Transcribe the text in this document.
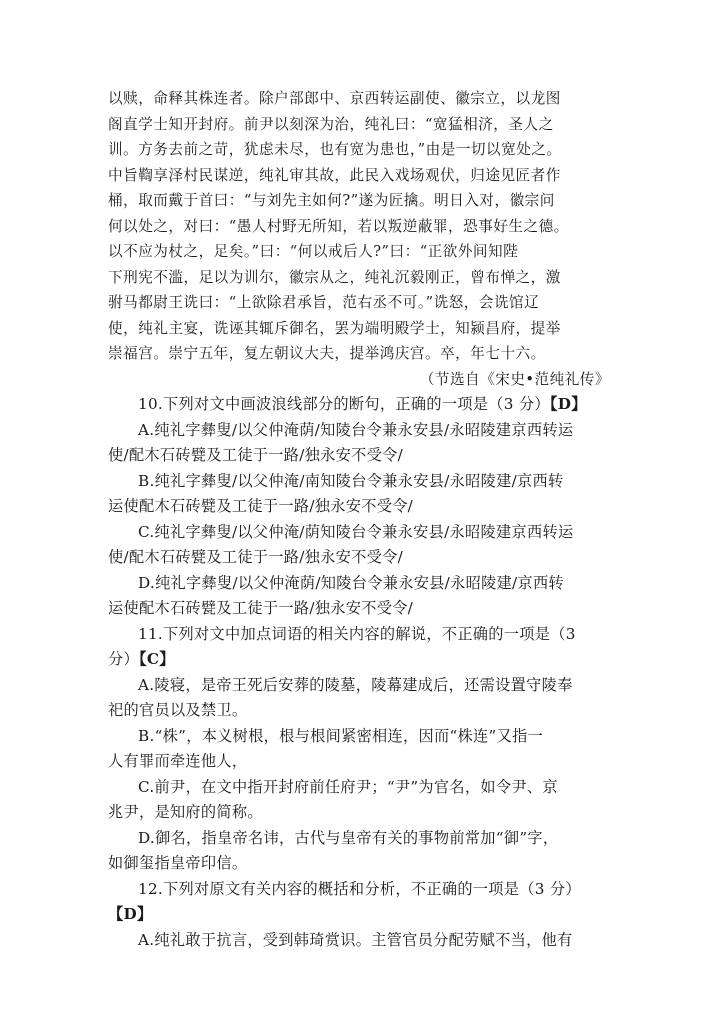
以赎，命释其株连者。除户部郎中、京西转运副使、徽宗立，以龙图
阁直学士知开封府。前尹以刻深为治，纯礼曰：“宽猛相济，圣人之
训。方务去前之苛，犹虑未尽，也有宽为患也，”由是一切以宽处之。
中旨鞫享泽村民谋逆，纯礼审其故，此民入戏场观伏，归途见匠者作
桶，取而戴于首曰：“与刘先主如何?”遂为匠擒。明日入对，徽宗问
何以处之，对曰：“愚人村野无所知，若以叛逆蔽罪，恐事好生之德。
以不应为杖之，足矣。”曰：“何以戒后人?”曰：“正欲外间知陛
下刑宪不滥，足以为训尔，徽宗从之，纯礼沉毅刚正，曾布惮之，激
驸马都尉王诜曰：“上欲除君承旨，范右丞不可。”诜怒，会诜馆辽
使，纯礼主宴，诜诬其辄斥御名，罢为端明殿学士，知颍昌府，提举
崇福宫。崇宁五年，复左朝议大夫，提举鸿庆宫。卒，年七十六。
（节选自《宋史•范纯礼传》
10.下列对文中画波浪线部分的断句，正确的一项是（3 分）【D】
A.纯礼字彝叟/以父仲淹荫/知陵台令兼永安县/永昭陵建京西转运
使/配木石砖甓及工徒于一路/独永安不受令/
B.纯礼字彝叟/以父仲淹/南知陵台令兼永安县/永昭陵建/京西转
运使配木石砖甓及工徒于一路/独永安不受令/
C.纯礼字彝叟/以父仲淹/荫知陵台令兼永安县/永昭陵建京西转运
使/配木石砖甓及工徒于一路/独永安不受令/
D.纯礼字彝叟/以父仲淹荫/知陵台令兼永安县/永昭陵建/京西转
运使配木石砖甓及工徒于一路/独永安不受令/
11.下列对文中加点词语的相关内容的解说，不正确的一项是（3
分）【C】
A.陵寝，是帝王死后安葬的陵墓，陵幕建成后，还需设置守陵奉
祀的官员以及禁卫。
B.“株”，本义树根，根与根间紧密相连，因而“株连”又指一
人有罪而牵连他人，
C.前尹，在文中指开封府前任府尹；“尹”为官名，如令尹、京
兆尹，是知府的简称。
D.御名，指皇帝名讳，古代与皇帝有关的事物前常加“御”字，
如御玺指皇帝印信。
12.下列对原文有关内容的概括和分析，不正确的一项是（3 分）
【D】
A.纯礼敢于抗言，受到韩琦赏识。主管官员分配劳赋不当，他有
